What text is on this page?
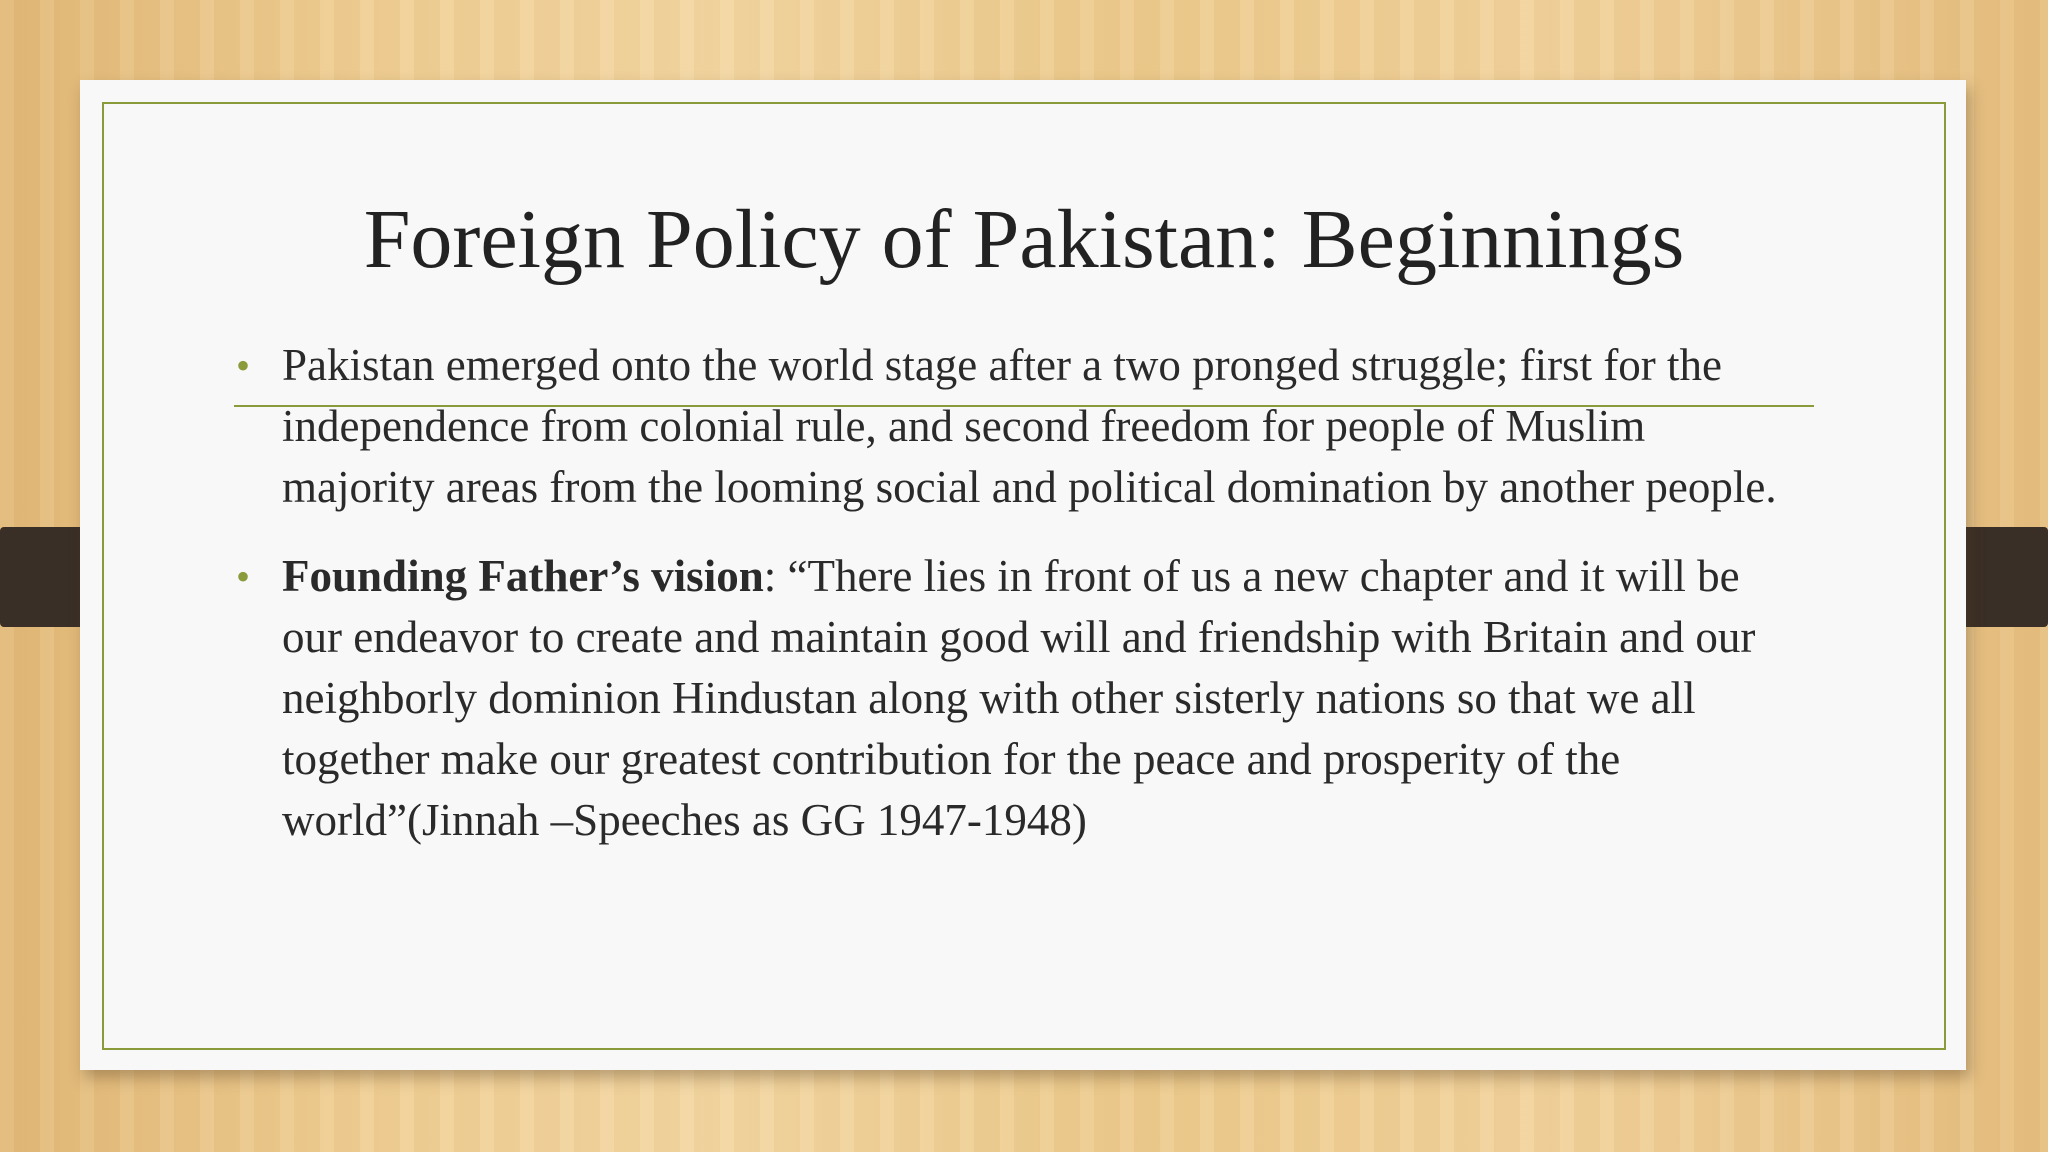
Foreign Policy of Pakistan: Beginnings
• Pakistan emerged onto the world stage after a two pronged struggle; first for the independence from colonial rule, and second freedom for people of Muslim majority areas from the looming social and political domination by another people.
• Founding Father’s vision: “There lies in front of us a new chapter and it will be our endeavor to create and maintain good will and friendship with Britain and our neighborly dominion Hindustan along with other sisterly nations so that we all together make our greatest contribution for the peace and prosperity of the world”(Jinnah –Speeches as GG 1947-1948)
